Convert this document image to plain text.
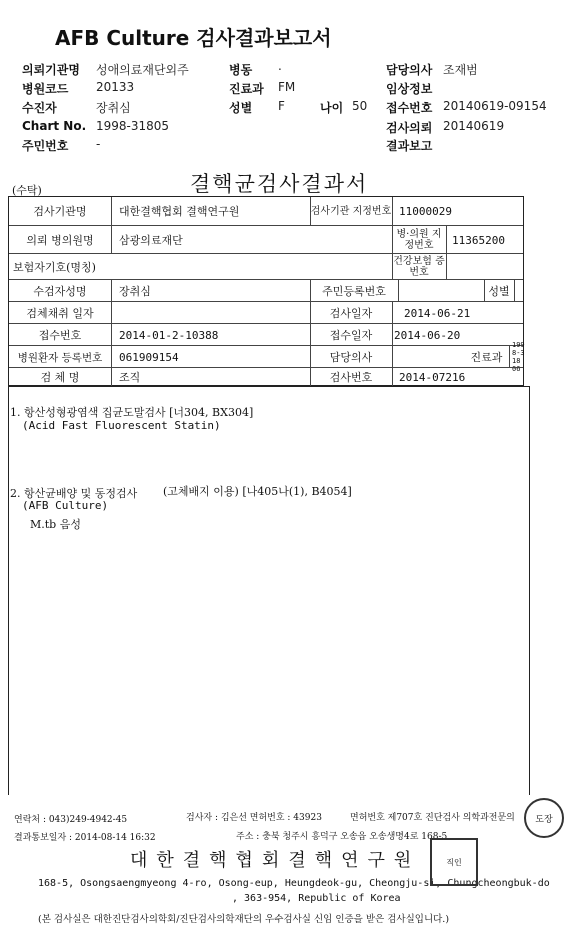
AFB Culture 검사결과보고서
의뢰기관명 성애의료재단외주	병동 .	담당의사 조재범
병원코드 20133	진료과 FM	임상정보
수진자	장취심	성별 F	나이 50 접수번호 20140619-09154
Chart No. 1998-31805	검사의뢰 20140619
주민번호 -	결과보고
(수탁)	결핵균검사결과서
검사기관명	대한결핵협회 결핵연구원	검사기관 지정번호 11000029
의뢰 병의원명	삼광의료재단	병·의원 지정번호	11365200
보험자기호(명칭)	건강보험 증번호
수검자성명	장취심	주민등록번호	성별
검체채취 일자	검사일자	2014-06-21
접수번호	2014-01-2-10388	접수일자	2014-06-20
병원환자 등록번호	061909154	담당의사	진료과
1998-318 06
검 체 명	조직	검사번호	2014-07216
1. 항산성형광염색 집균도말검사 [너304, BX304]
(Acid Fast Fluorescent Statin)
2. 항산균배양 및 동정검사 (고체배지 이용) [나405나(1), B4054]
(AFB Culture)
M.tb 음성
연락처 : 043)249-4942-45	검사자 : 김은선 면허번호 : 43923	면허번호 제707호 진단검사 의학과전문의
결과통보일자 : 2014-08-14 16:32	주소 : 충북 청주시 흥덕구 오송읍 오송생명4로 168-5
대한결핵협회결핵연구원
168-5, Osongsaengmyeong 4-ro, Osong-eup, Heungdeok-gu, Cheongju-si, Chungcheongbuk-do
, 363-954, Republic of Korea
(본 검사실은 대한진단검사의학회/진단검사의학재단의 우수검사실 신임 인증을 받은 검사실입니다.)
도장
직인
